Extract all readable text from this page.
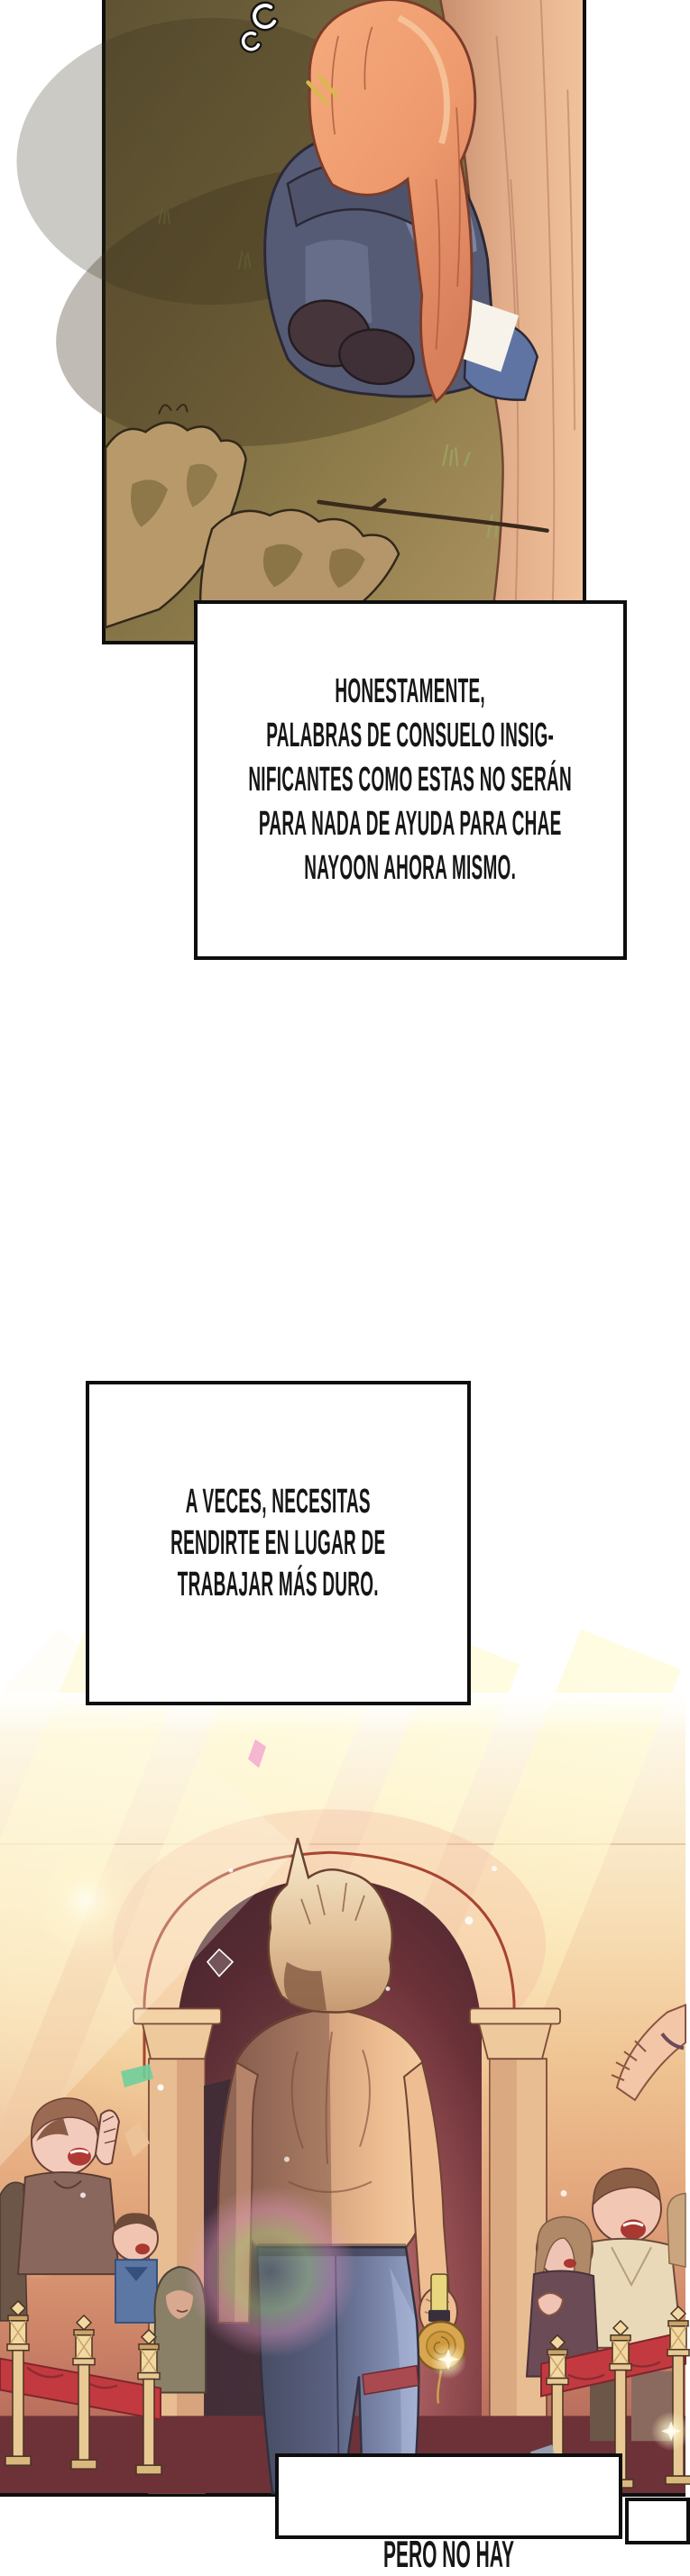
HONESTAMENTE,
PALABRAS DE CONSUELO INSIG-
NIFICANTES COMO ESTAS NO SERÁN
PARA NADA DE AYUDA PARA CHAE
NAYOON AHORA MISMO.
A VECES, NECESITAS
RENDIRTE EN LUGAR DE
TRABAJAR MÁS DURO.
PERO NO HAY
